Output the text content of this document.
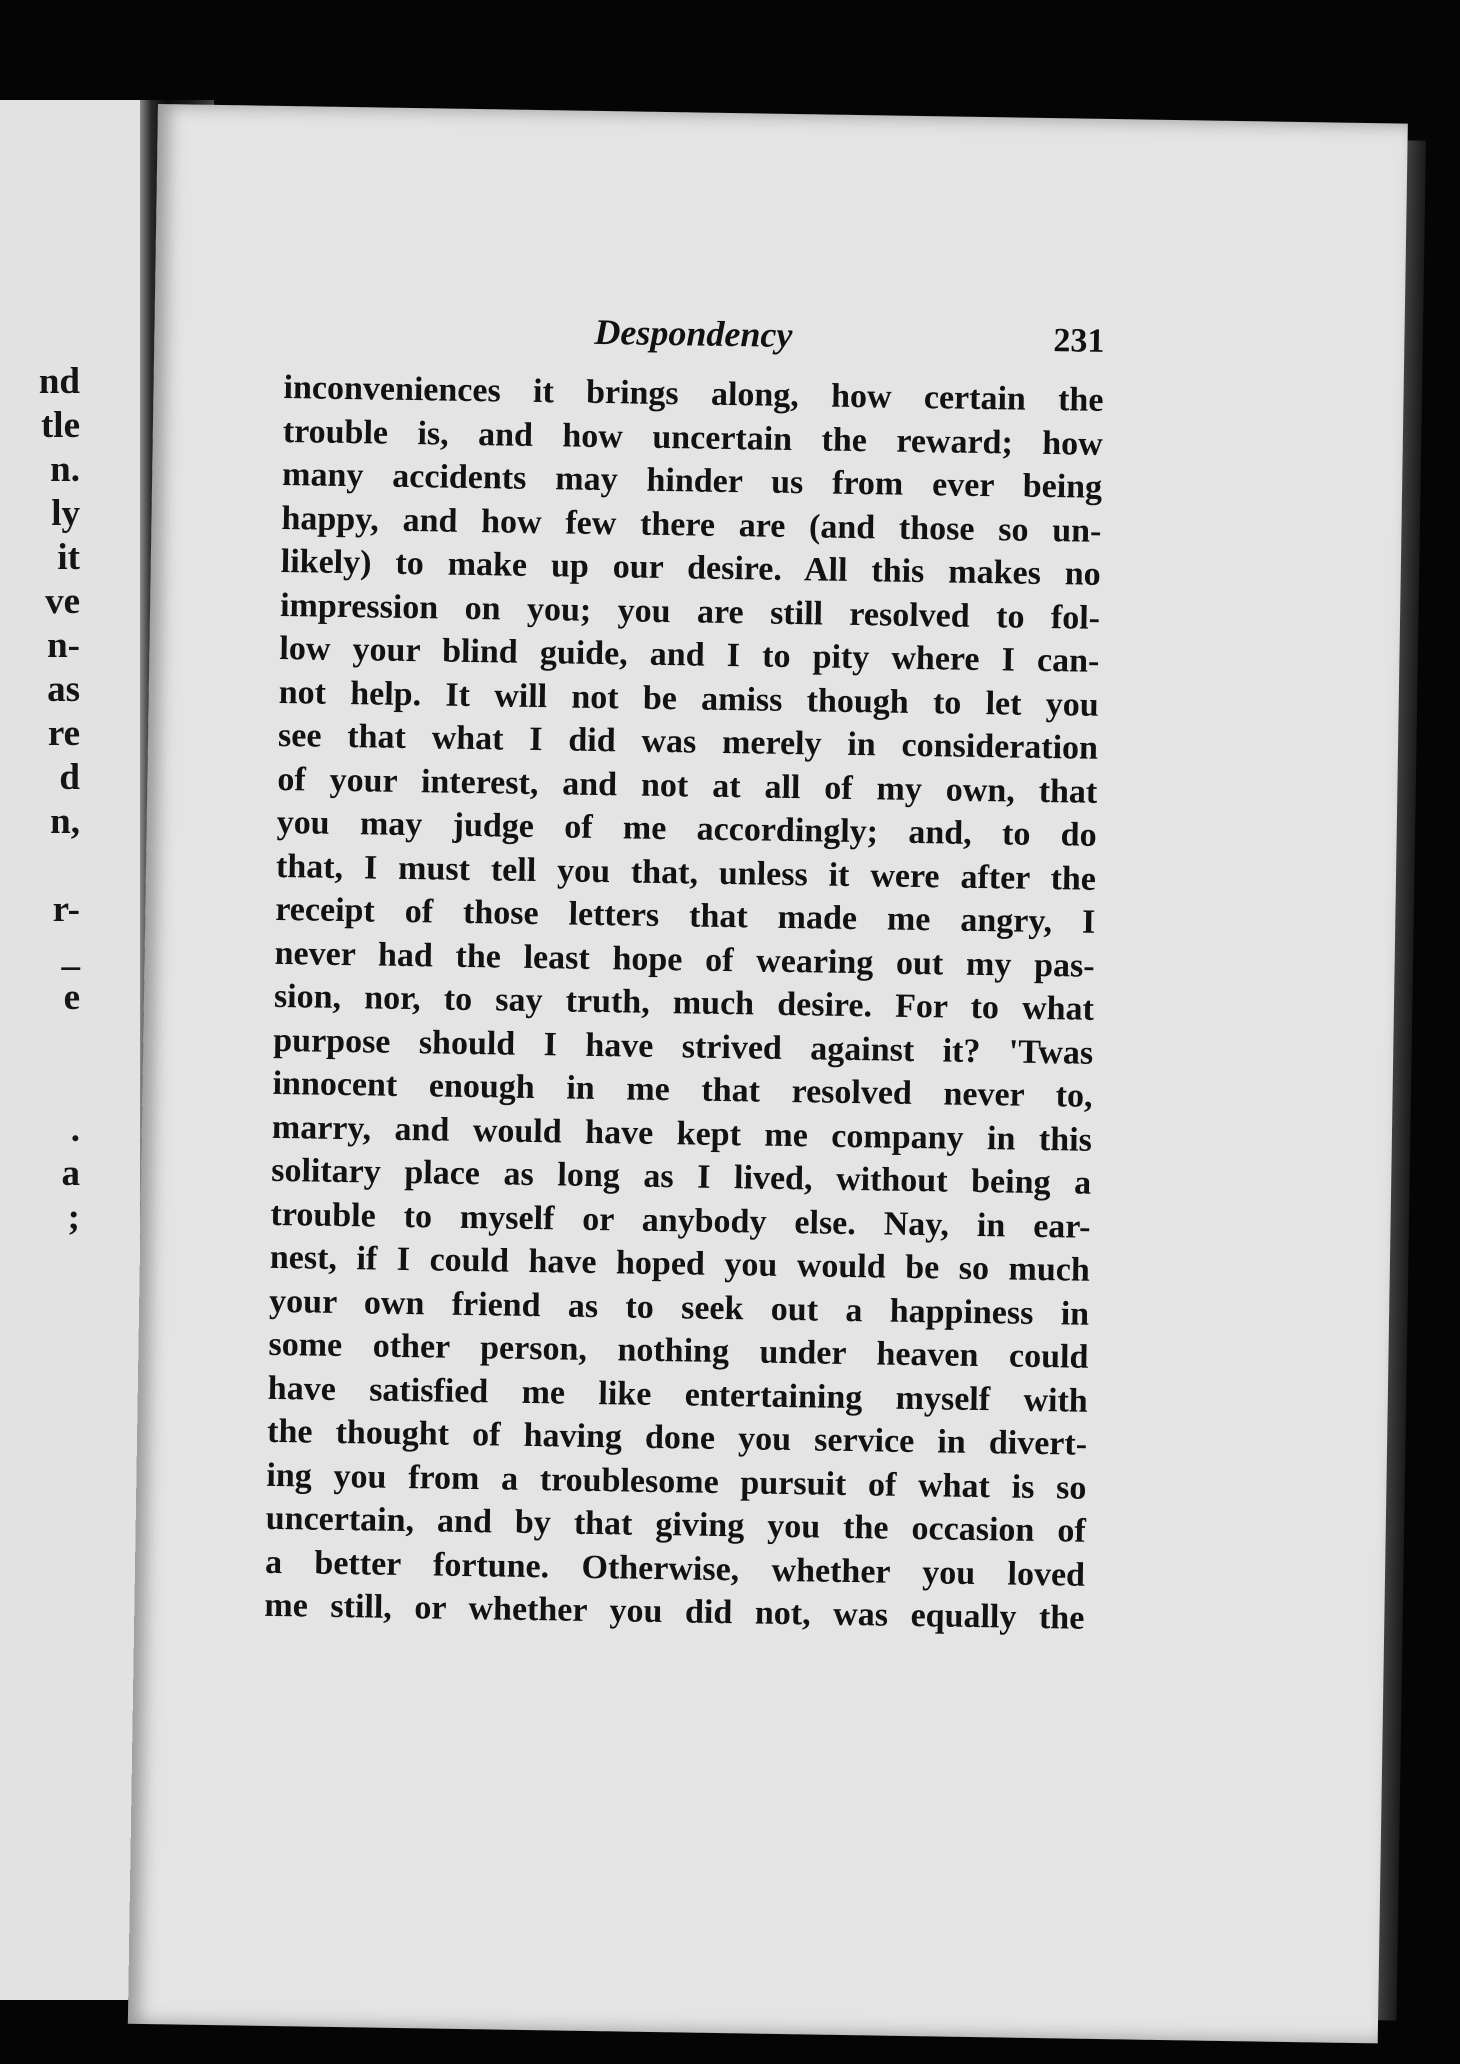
nd
tle
n.
ly
it
ve
n-
as
re
d
n,
r-
_
e
.
a
;
Despondency	231
inconveniences it brings along, how certain the
trouble is, and how uncertain the reward; how
many accidents may hinder us from ever being
happy, and how few there are (and those so un-
likely) to make up our desire. All this makes no
impression on you; you are still resolved to fol-
low your blind guide, and I to pity where I can-
not help. It will not be amiss though to let you
see that what I did was merely in consideration
of your interest, and not at all of my own, that
you may judge of me accordingly; and, to do
that, I must tell you that, unless it were after the
receipt of those letters that made me angry, I
never had the least hope of wearing out my pas-
sion, nor, to say truth, much desire. For to what
purpose should I have strived against it? 'Twas
innocent enough in me that resolved never to,
marry, and would have kept me company in this
solitary place as long as I lived, without being a
trouble to myself or anybody else. Nay, in ear-
nest, if I could have hoped you would be so much
your own friend as to seek out a happiness in
some other person, nothing under heaven could
have satisfied me like entertaining myself with
the thought of having done you service in divert-
ing you from a troublesome pursuit of what is so
uncertain, and by that giving you the occasion of
a better fortune. Otherwise, whether you loved
me still, or whether you did not, was equally the
